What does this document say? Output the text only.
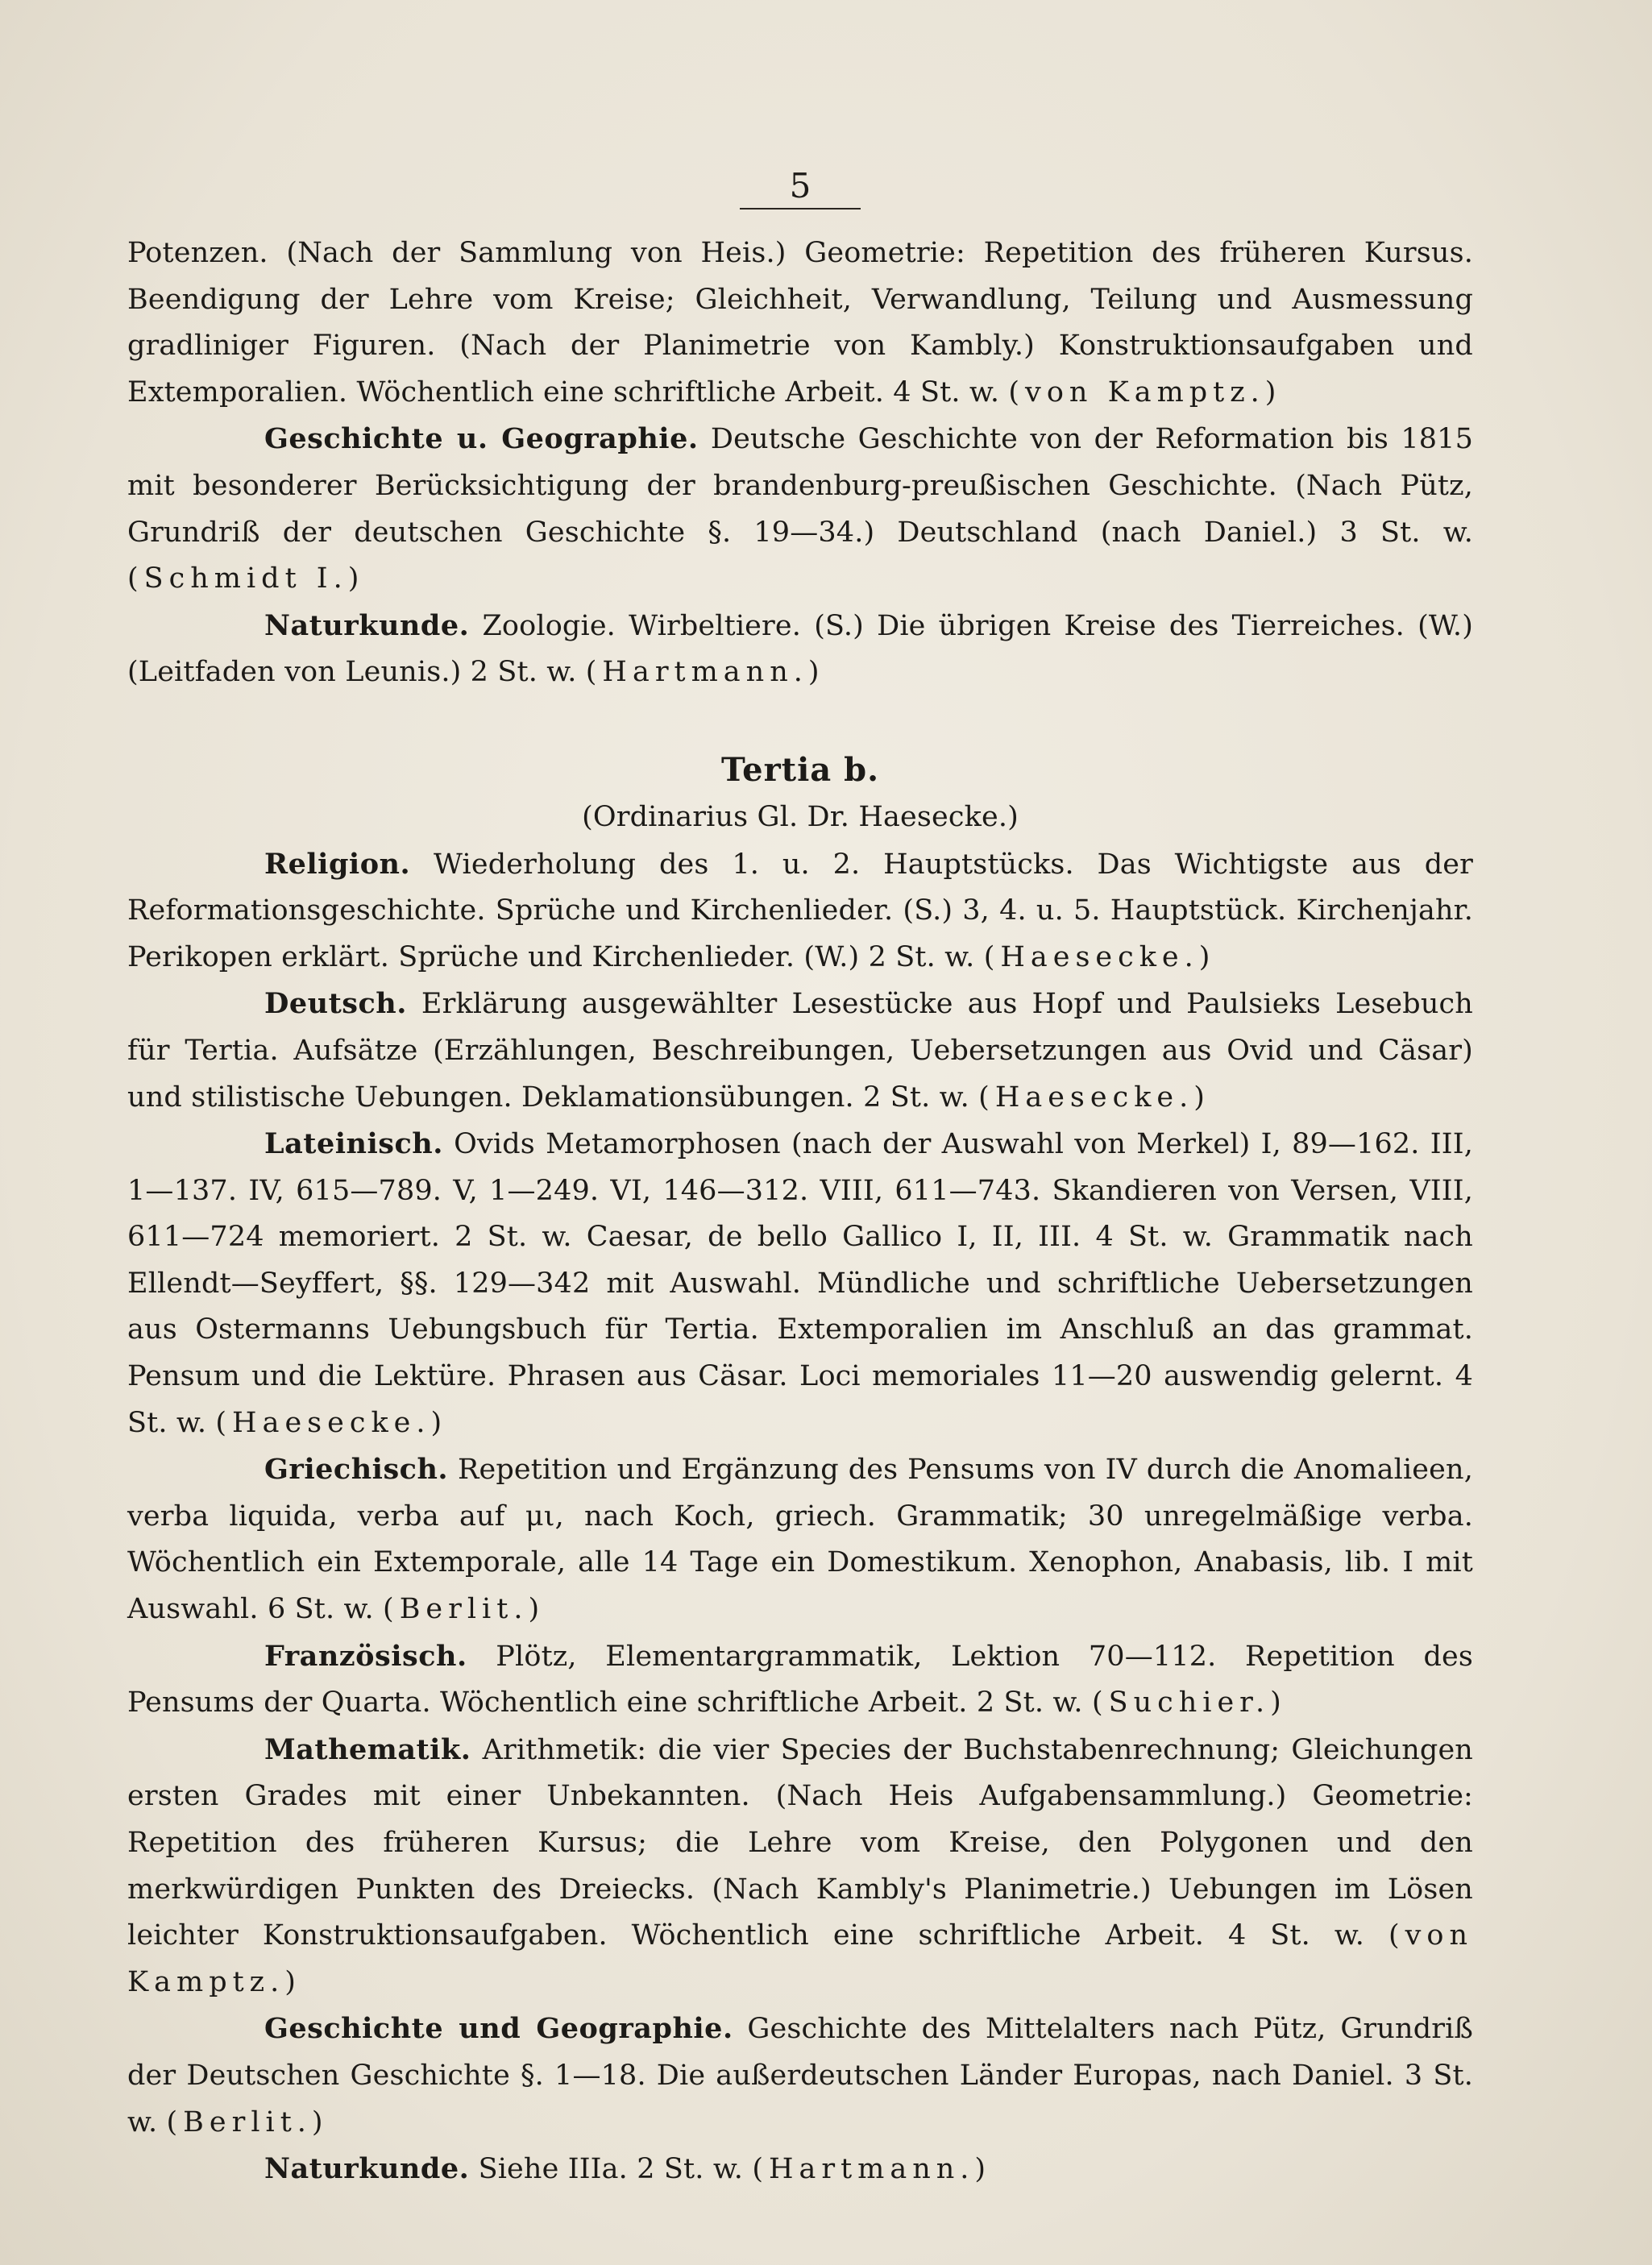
5

Potenzen. (Nach der Sammlung von Heis.) Geometrie: Repetition des früheren Kursus. Beendigung der Lehre vom Kreise; Gleichheit, Verwandlung, Teilung und Ausmessung gradliniger Figuren. (Nach der Planimetrie von Kambly.) Konstruktionsaufgaben und Extemporalien. Wöchentlich eine schriftliche Arbeit. 4 St. w. (von Kamptz.)

Geschichte u. Geographie. Deutsche Geschichte von der Reformation bis 1815 mit besonderer Berücksichtigung der brandenburg-preußischen Geschichte. (Nach Pütz, Grundriß der deutschen Geschichte §. 19—34.) Deutschland (nach Daniel.) 3 St. w. (Schmidt I.)

Naturkunde. Zoologie. Wirbeltiere. (S.) Die übrigen Kreise des Tierreiches. (W.) (Leitfaden von Leunis.) 2 St. w. (Hartmann.)

Tertia b.
(Ordinarius Gl. Dr. Haesecke.)

Religion. Wiederholung des 1. u. 2. Hauptstücks. Das Wichtigste aus der Reformationsgeschichte. Sprüche und Kirchenlieder. (S.) 3, 4. u. 5. Hauptstück. Kirchenjahr. Perikopen erklärt. Sprüche und Kirchenlieder. (W.) 2 St. w. (Haesecke.)

Deutsch. Erklärung ausgewählter Lesestücke aus Hopf und Paulsieks Lesebuch für Tertia. Aufsätze (Erzählungen, Beschreibungen, Uebersetzungen aus Ovid und Cäsar) und stilistische Uebungen. Deklamationsübungen. 2 St. w. (Haesecke.)

Lateinisch. Ovids Metamorphosen (nach der Auswahl von Merkel) I, 89—162. III, 1—137. IV, 615—789. V, 1—249. VI, 146—312. VIII, 611—743. Skandieren von Versen, VIII, 611—724 memoriert. 2 St. w. Caesar, de bello Gallico I, II, III. 4 St. w. Grammatik nach Ellendt—Seyffert, §§. 129—342 mit Auswahl. Mündliche und schriftliche Uebersetzungen aus Ostermanns Uebungsbuch für Tertia. Extemporalien im Anschluß an das grammat. Pensum und die Lektüre. Phrasen aus Cäsar. Loci memoriales 11—20 auswendig gelernt. 4 St. w. (Haesecke.)

Griechisch. Repetition und Ergänzung des Pensums von IV durch die Anomalieen, verba liquida, verba auf μι, nach Koch, griech. Grammatik; 30 unregelmäßige verba. Wöchentlich ein Extemporale, alle 14 Tage ein Domestikum. Xenophon, Anabasis, lib. I mit Auswahl. 6 St. w. (Berlit.)

Französisch. Plötz, Elementargrammatik, Lektion 70—112. Repetition des Pensums der Quarta. Wöchentlich eine schriftliche Arbeit. 2 St. w. (Suchier.)

Mathematik. Arithmetik: die vier Species der Buchstabenrechnung; Gleichungen ersten Grades mit einer Unbekannten. (Nach Heis Aufgabensammlung.) Geometrie: Repetition des früheren Kursus; die Lehre vom Kreise, den Polygonen und den merkwürdigen Punkten des Dreiecks. (Nach Kambly's Planimetrie.) Uebungen im Lösen leichter Konstruktionsaufgaben. Wöchentlich eine schriftliche Arbeit. 4 St. w. (von Kamptz.)

Geschichte und Geographie. Geschichte des Mittelalters nach Pütz, Grundriß der Deutschen Geschichte §. 1—18. Die außerdeutschen Länder Europas, nach Daniel. 3 St. w. (Berlit.)

Naturkunde. Siehe IIIa. 2 St. w. (Hartmann.)
